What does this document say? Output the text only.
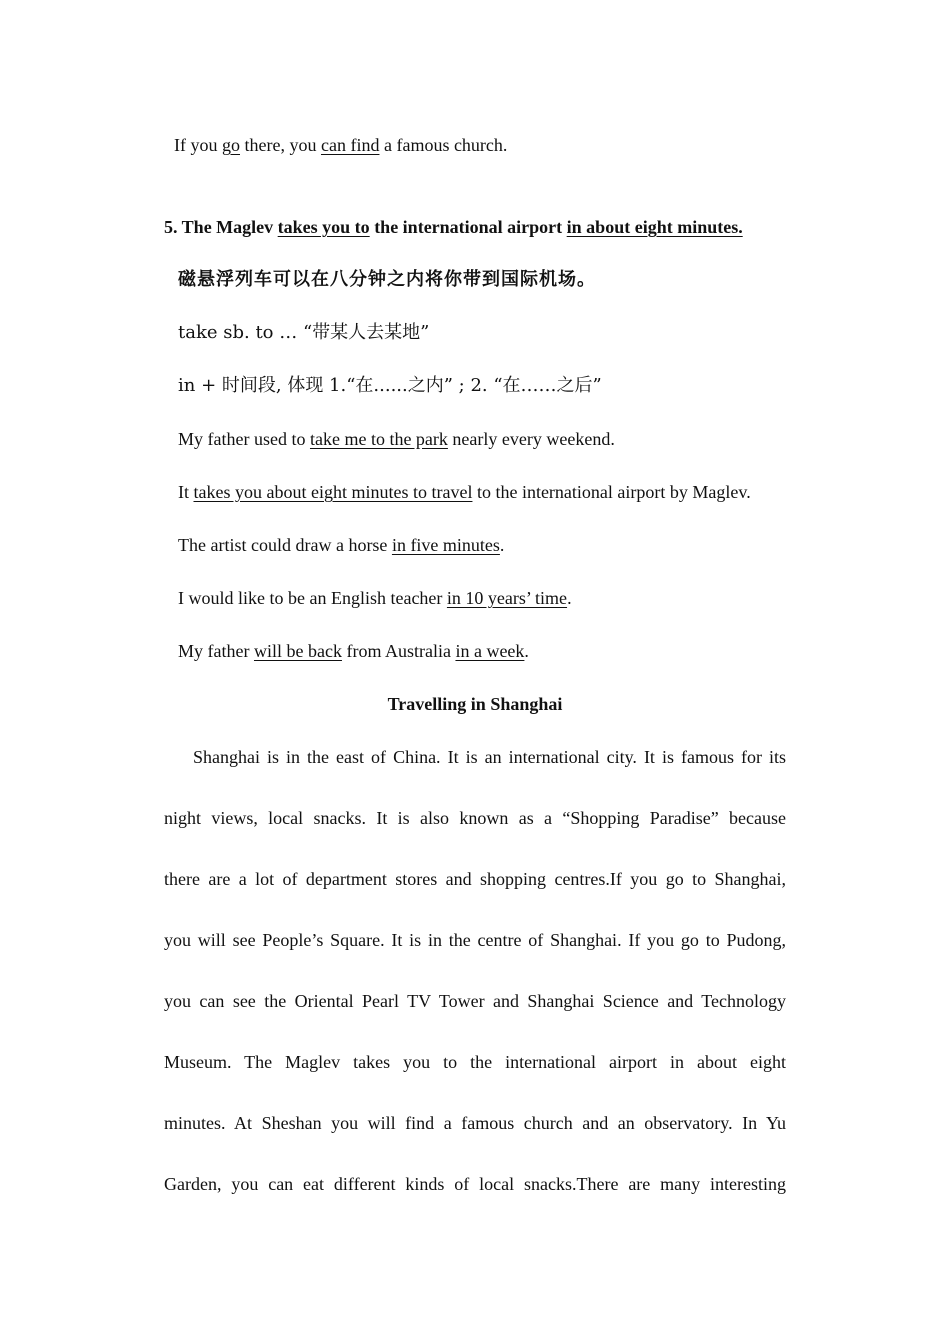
If you go there, you can find a famous church.
5. The Maglev takes you to the international airport in about eight minutes.
磁悬浮列车可以在八分钟之内将你带到国际机场。
take sb. to … “带某人去某地”
in + 时间段, 体现 1.“在......之内” ; 2. “在……之后”
My father used to take me to the park nearly every weekend.
It takes you about eight minutes to travel to the international airport by Maglev.
The artist could draw a horse in five minutes.
I would like to be an English teacher in 10 years’ time.
My father will be back from Australia in a week.
Travelling in Shanghai
Shanghai is in the east of China. It is an international city. It is famous for its
night views, local snacks. It is also known as a “Shopping Paradise” because
there are a lot of department stores and shopping centres.If you go to Shanghai,
you will see People’s Square. It is in the centre of Shanghai. If you go to Pudong,
you can see the Oriental Pearl TV Tower and Shanghai Science and Technology
Museum. The Maglev takes you to the international airport in about eight
minutes. At Sheshan you will find a famous church and an observatory. In Yu
Garden, you can eat different kinds of local snacks.There are many interesting
